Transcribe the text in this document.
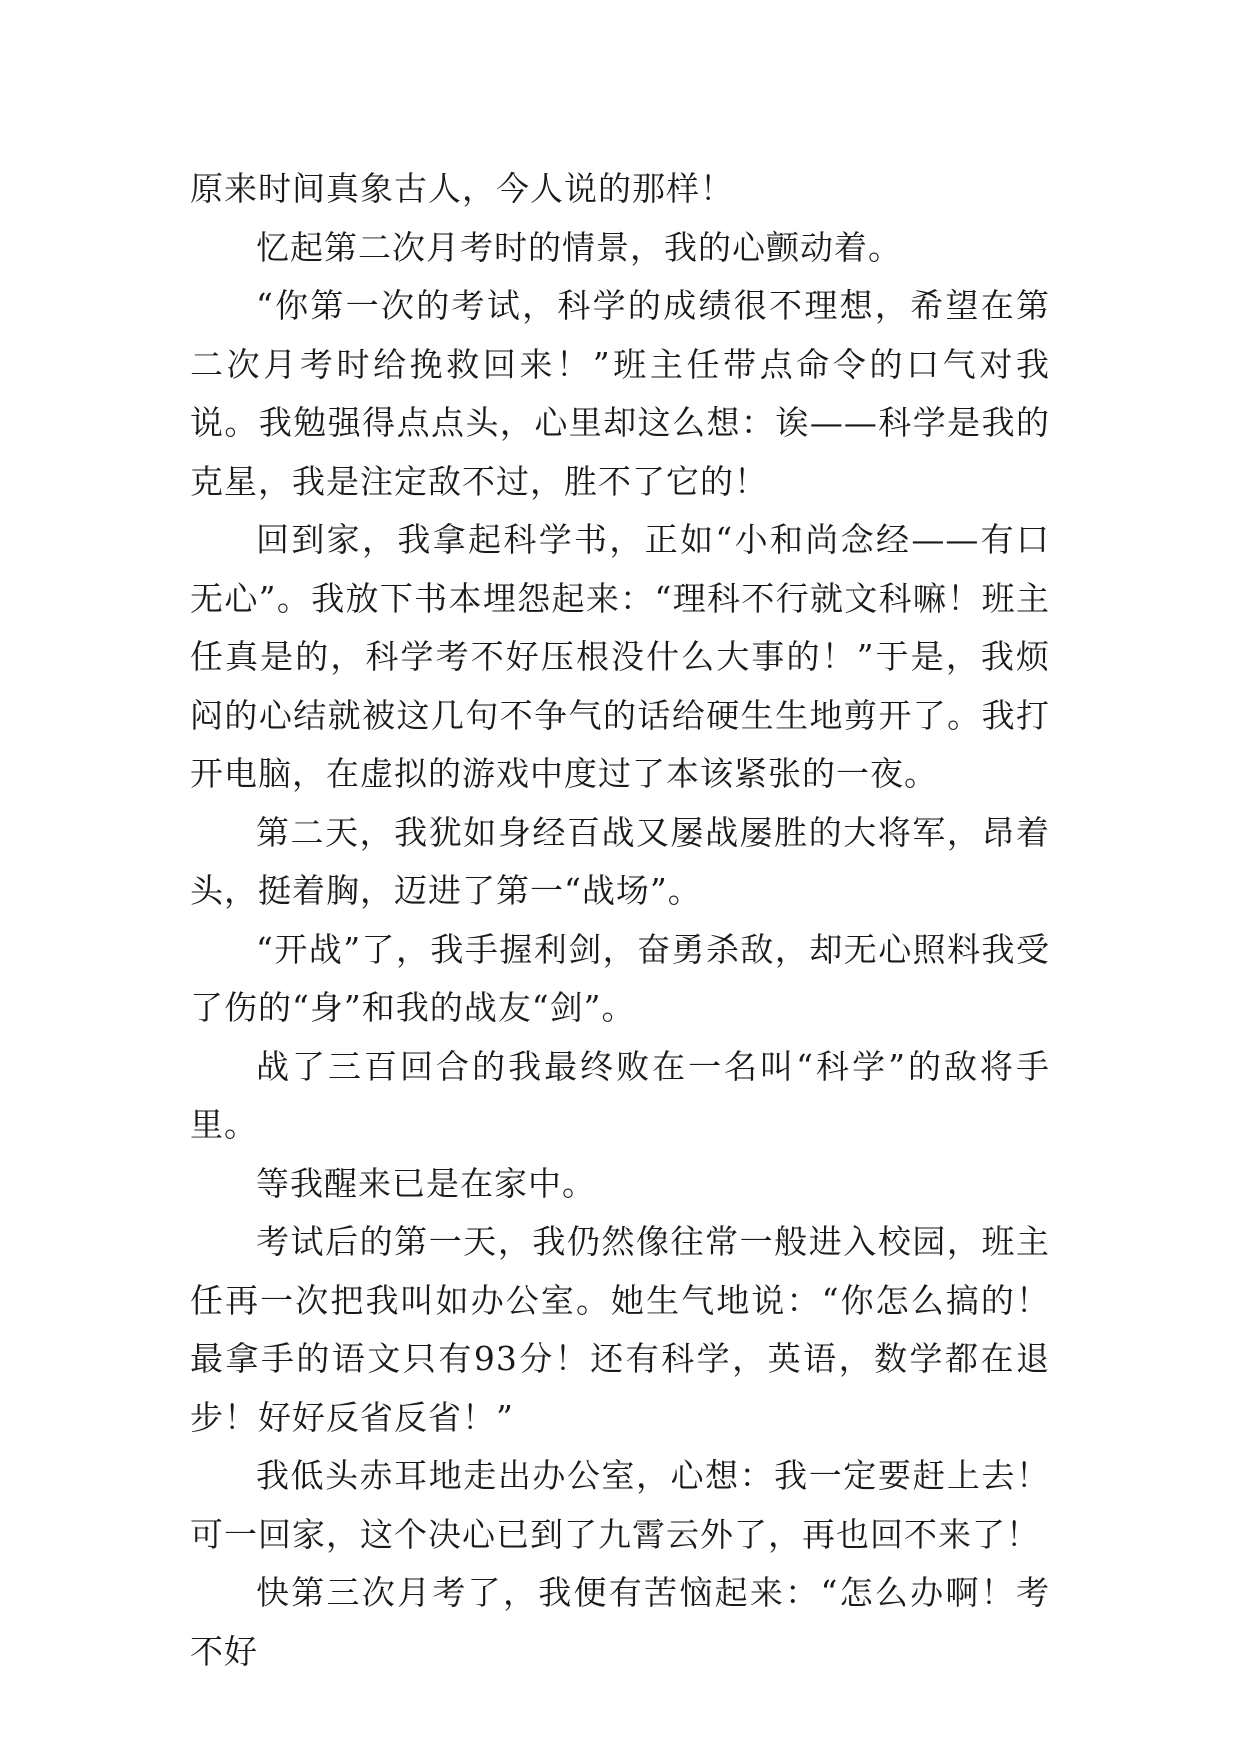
原来时间真象古人，今人说的那样！

忆起第二次月考时的情景，我的心颤动着。

“你第一次的考试，科学的成绩很不理想，希望在第二次月考时给挽救回来！”班主任带点命令的口气对我说。我勉强得点点头，心里却这么想：诶——科学是我的克星，我是注定敌不过，胜不了它的！

回到家，我拿起科学书，正如“小和尚念经——有口无心”。我放下书本埋怨起来：“理科不行就文科嘛！班主任真是的，科学考不好压根没什么大事的！”于是，我烦闷的心结就被这几句不争气的话给硬生生地剪开了。我打开电脑，在虚拟的游戏中度过了本该紧张的一夜。

第二天，我犹如身经百战又屡战屡胜的大将军，昂着头，挺着胸，迈进了第一“战场”。

“开战”了，我手握利剑，奋勇杀敌，却无心照料我受了伤的“身”和我的战友“剑”。

战了三百回合的我最终败在一名叫“科学”的敌将手里。

等我醒来已是在家中。

考试后的第一天，我仍然像往常一般进入校园，班主任再一次把我叫如办公室。她生气地说：“你怎么搞的！最拿手的语文只有93分！还有科学，英语，数学都在退步！好好反省反省！”

我低头赤耳地走出办公室，心想：我一定要赶上去！可一回家，这个决心已到了九霄云外了，再也回不来了！

快第三次月考了，我便有苦恼起来：“怎么办啊！考不好
